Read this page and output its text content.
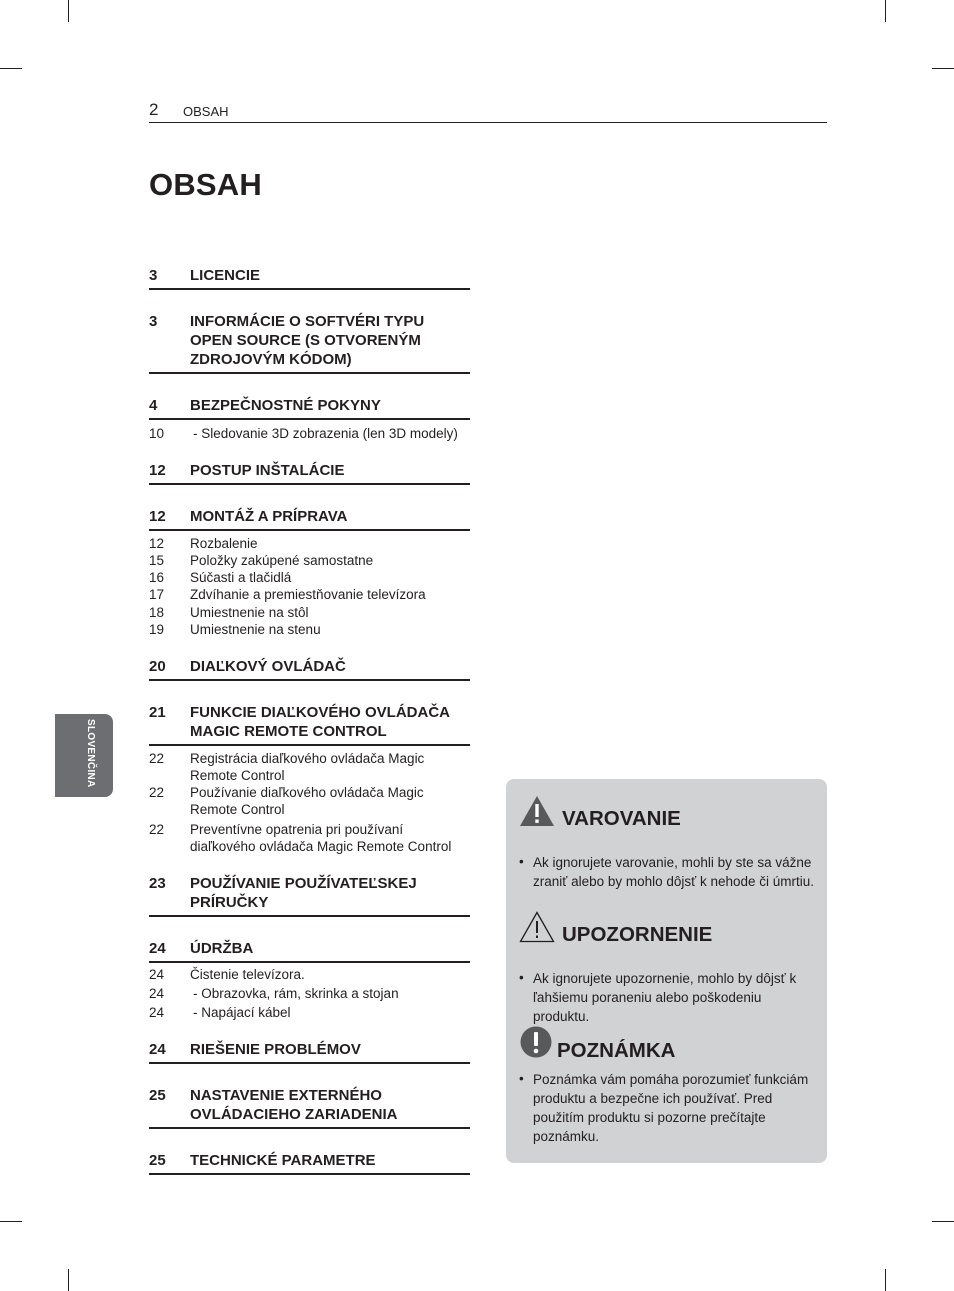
2 OBSAH
OBSAH
SLOVENČINA
3 LICENCIE
3 INFORMÁCIE O SOFTVÉRI TYPU OPEN SOURCE (S OTVORENÝM ZDROJOVÝM KÓDOM)
4 BEZPEČNOSTNÉ POKYNY
10	- Sledovanie 3D zobrazenia (len 3D modely)
12 POSTUP INŠTALÁCIE
12 MONTÁŽ A PRÍPRAVA
12 Rozbalenie
15 Položky zakúpené samostatne
16 Súčasti a tlačidlá
17 Zdvíhanie a premiestňovanie televízora
18 Umiestnenie na stôl
19 Umiestnenie na stenu
20 DIAĽKOVÝ OVLÁDAČ
21 FUNKCIE DIAĽKOVÉHO OVLÁDAČA MAGIC REMOTE CONTROL
22 Registrácia diaľkového ovládača Magic Remote Control
22 Používanie diaľkového ovládača Magic Remote Control
22 Preventívne opatrenia pri používaní diaľkového ovládača Magic Remote Control
23 POUŽÍVANIE POUŽÍVATEĽSKEJ PRÍRUČKY
24 ÚDRŽBA
24 Čistenie televízora.
24	- Obrazovka, rám, skrinka a stojan
24	- Napájací kábel
24 RIEŠENIE PROBLÉMOV
25 NASTAVENIE EXTERNÉHO OVLÁDACIEHO ZARIADENIA
25 TECHNICKÉ PARAMETRE
VAROVANIE
• Ak ignorujete varovanie, mohli by ste sa vážne zraniť alebo by mohlo dôjsť k nehode či úmrtiu.
UPOZORNENIE
• Ak ignorujete upozornenie, mohlo by dôjsť k ľahšiemu poraneniu alebo poškodeniu produktu.
POZNÁMKA
• Poznámka vám pomáha porozumieť funkciám produktu a bezpečne ich používať. Pred použitím produktu si pozorne prečítajte poznámku.
